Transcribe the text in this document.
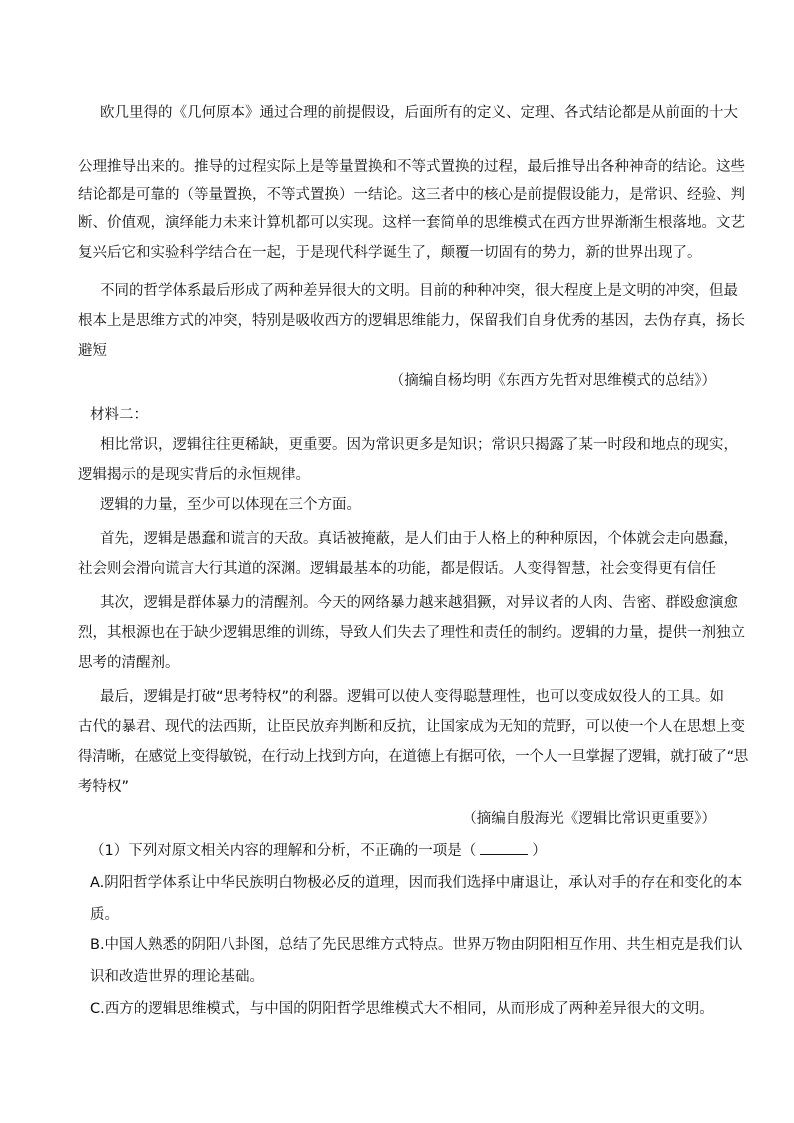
欧几里得的《几何原本》通过合理的前提假设，后面所有的定义、定理、各式结论都是从前面的十大
公理推导出来的。推导的过程实际上是等量置换和不等式置换的过程，最后推导出各种神奇的结论。这些
结论都是可靠的（等量置换，不等式置换）一结论。这三者中的核心是前提假设能力，是常识、经验、判
断、价值观，演绎能力未来计算机都可以实现。这样一套简单的思维模式在西方世界渐渐生根落地。文艺
复兴后它和实验科学结合在一起，于是现代科学诞生了，颠覆一切固有的势力，新的世界出现了。
不同的哲学体系最后形成了两种差异很大的文明。目前的种种冲突，很大程度上是文明的冲突，但最
根本上是思维方式的冲突，特别是吸收西方的逻辑思维能力，保留我们自身优秀的基因，去伪存真，扬长
避短
（摘编自杨均明《东西方先哲对思维模式的总结》）
材料二：
相比常识，逻辑往往更稀缺，更重要。因为常识更多是知识；常识只揭露了某一时段和地点的现实，
逻辑揭示的是现实背后的永恒规律。
逻辑的力量，至少可以体现在三个方面。
首先，逻辑是愚蠢和谎言的天敌。真话被掩蔽，是人们由于人格上的种种原因，个体就会走向愚蠢，
社会则会滑向谎言大行其道的深渊。逻辑最基本的功能，都是假话。人变得智慧，社会变得更有信任
其次，逻辑是群体暴力的清醒剂。今天的网络暴力越来越猖獗，对异议者的人肉、告密、群殴愈演愈
烈，其根源也在于缺少逻辑思维的训练，导致人们失去了理性和责任的制约。逻辑的力量，提供一剂独立
思考的清醒剂。
最后，逻辑是打破“思考特权”的利器。逻辑可以使人变得聪慧理性，也可以变成奴役人的工具。如
古代的暴君、现代的法西斯，让臣民放弃判断和反抗，让国家成为无知的荒野，可以使一个人在思想上变
得清晰，在感觉上变得敏锐，在行动上找到方向，在道德上有据可依，一个人一旦掌握了逻辑，就打破了“思
考特权”
（摘编自殷海光《逻辑比常识更重要》）
（1）下列对原文相关内容的理解和分析，不正确的一项是（	）
A.阴阳哲学体系让中华民族明白物极必反的道理，因而我们选择中庸退让，承认对手的存在和变化的本
质。
B.中国人熟悉的阴阳八卦图，总结了先民思维方式特点。世界万物由阴阳相互作用、共生相克是我们认
识和改造世界的理论基础。
C.西方的逻辑思维模式，与中国的阴阳哲学思维模式大不相同，从而形成了两种差异很大的文明。
